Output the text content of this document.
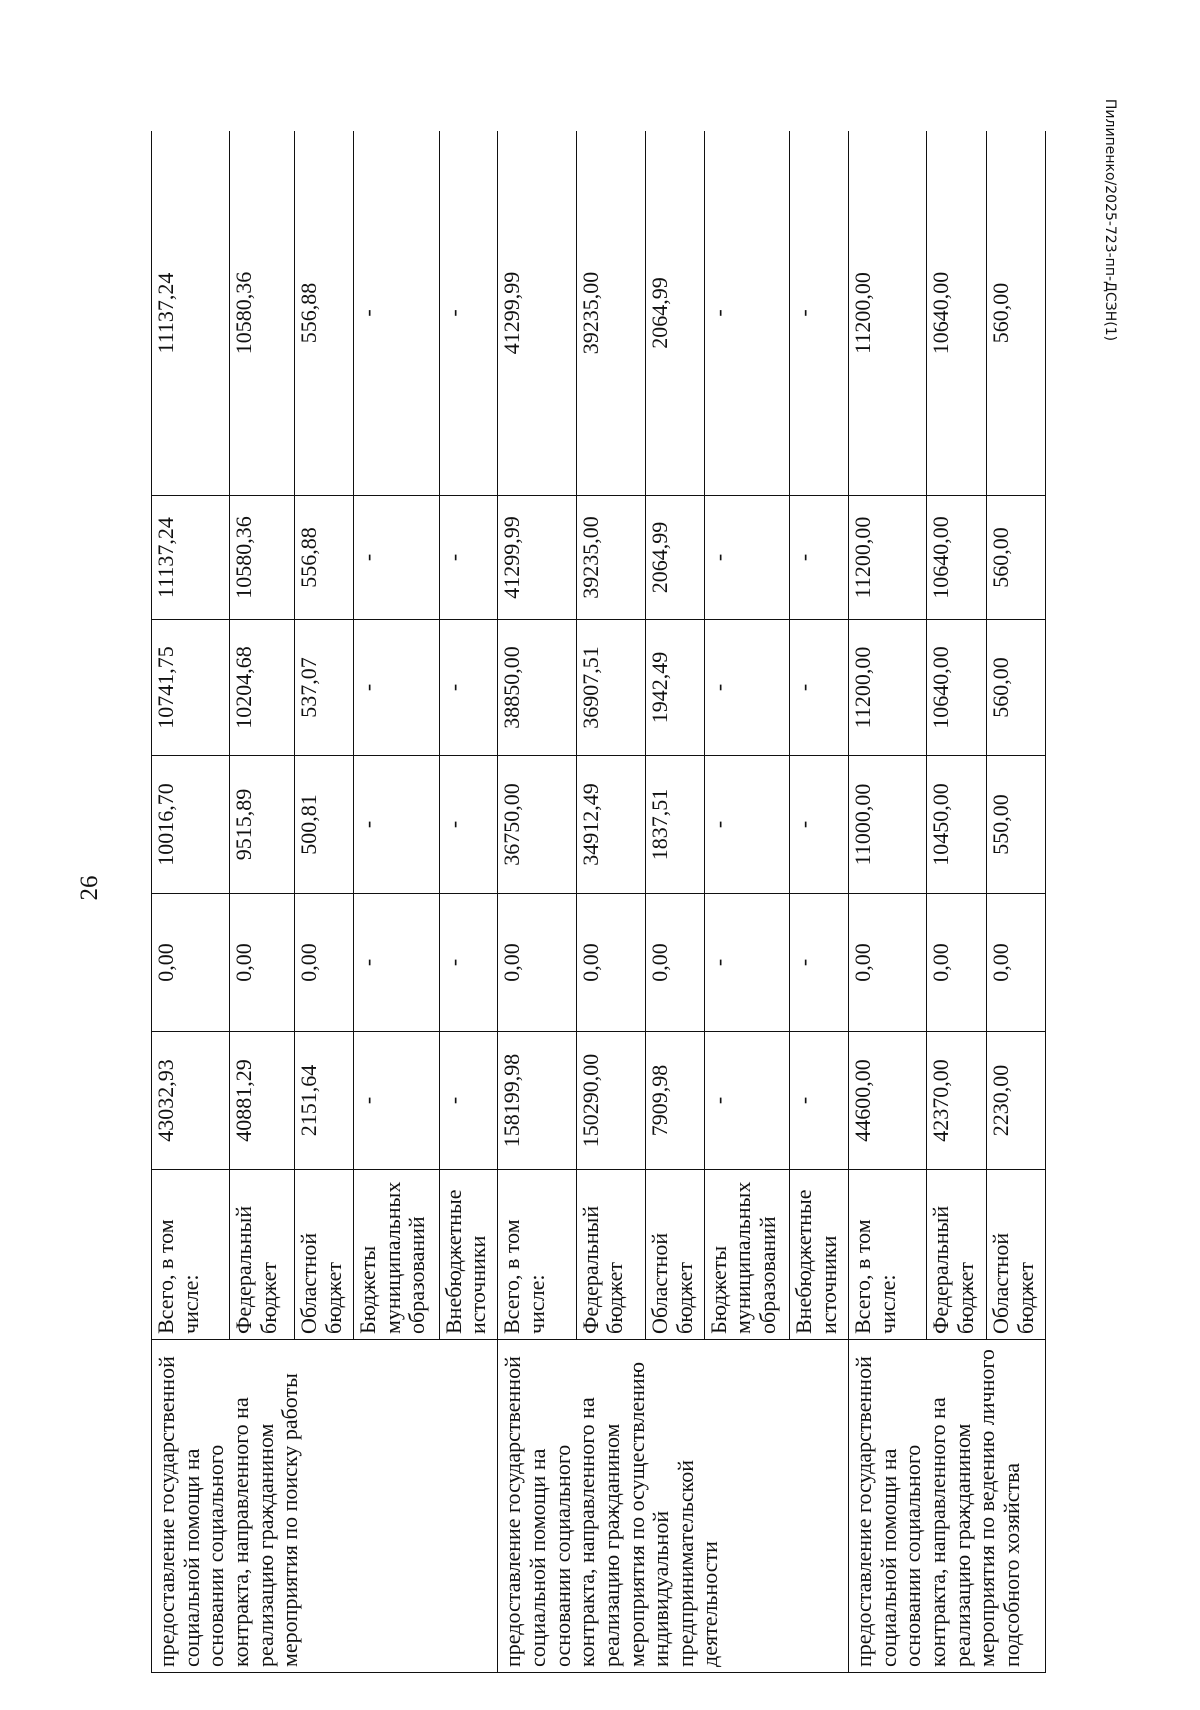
26
Пилипенко/2025-723-пп-ДСЗН(1)
предоставление государственной социальной помощи на основании социального контракта, направленного на реализацию гражданином мероприятия по поиску работы	Всего, в том числе:	43032,93	0,00	10016,70	10741,75	11137,24	11137,24
	Федеральный бюджет	40881,29	0,00	9515,89	10204,68	10580,36	10580,36
	Областной бюджет	2151,64	0,00	500,81	537,07	556,88	556,88
	Бюджеты муниципальных образований	-	-	-	-	-	-
	Внебюджетные источники	-	-	-	-	-	-
предоставление государственной социальной помощи на основании социального контракта, направленного на реализацию гражданином мероприятия по осуществлению индивидуальной предпринимательской деятельности	Всего, в том числе:	158199,98	0,00	36750,00	38850,00	41299,99	41299,99
	Федеральный бюджет	150290,00	0,00	34912,49	36907,51	39235,00	39235,00
	Областной бюджет	7909,98	0,00	1837,51	1942,49	2064,99	2064,99
	Бюджеты муниципальных образований	-	-	-	-	-	-
	Внебюджетные источники	-	-	-	-	-	-
предоставление государственной социальной помощи на основании социального контракта, направленного на реализацию гражданином мероприятия по ведению личного подсобного хозяйства	Всего, в том числе:	44600,00	0,00	11000,00	11200,00	11200,00	11200,00
	Федеральный бюджет	42370,00	0,00	10450,00	10640,00	10640,00	10640,00
	Областной бюджет	2230,00	0,00	550,00	560,00	560,00	560,00
